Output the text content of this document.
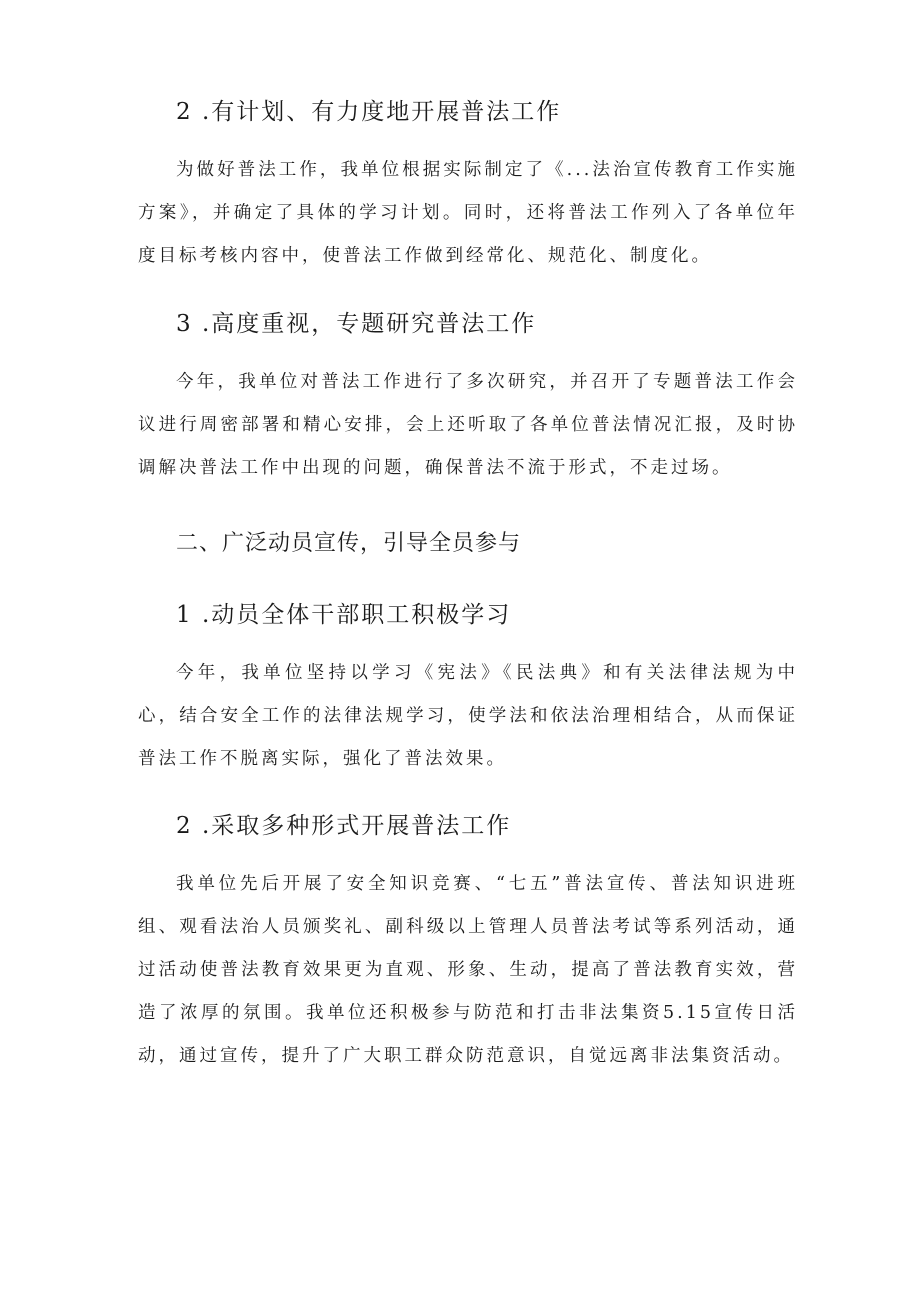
2 .有计划、有力度地开展普法工作
为做好普法工作，我单位根据实际制定了《...法治宣传教育工作实施方案》，并确定了具体的学习计划。同时，还将普法工作列入了各单位年度目标考核内容中，使普法工作做到经常化、规范化、制度化。
3 .高度重视，专题研究普法工作
今年，我单位对普法工作进行了多次研究，并召开了专题普法工作会议进行周密部署和精心安排，会上还听取了各单位普法情况汇报，及时协调解决普法工作中出现的问题，确保普法不流于形式，不走过场。
二、广泛动员宣传，引导全员参与
1 .动员全体干部职工积极学习
今年，我单位坚持以学习《宪法》《民法典》和有关法律法规为中心，结合安全工作的法律法规学习，使学法和依法治理相结合，从而保证普法工作不脱离实际，强化了普法效果。
2 .采取多种形式开展普法工作
我单位先后开展了安全知识竞赛、“七五”普法宣传、普法知识进班组、观看法治人员颁奖礼、副科级以上管理人员普法考试等系列活动，通过活动使普法教育效果更为直观、形象、生动，提高了普法教育实效，营造了浓厚的氛围。我单位还积极参与防范和打击非法集资5.15宣传日活动，通过宣传，提升了广大职工群众防范意识，自觉远离非法集资活动。
